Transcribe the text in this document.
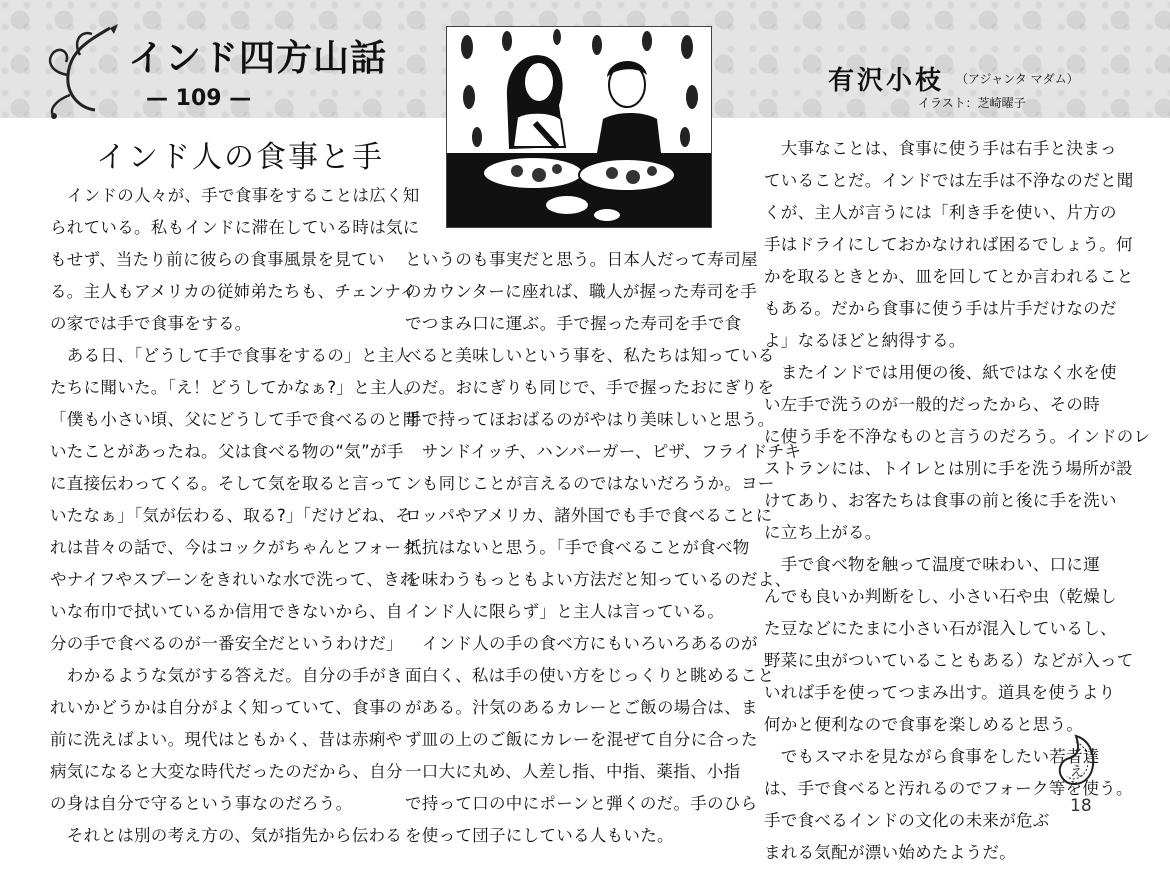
インド四方山話
— 109 —
有沢小枝 （アジャンタ マダム）
イラスト：芝崎曜子
インド人の食事と手

　インドの人々が、手で食事をすることは広く知

られている。私もインドに滞在している時は気に

もせず、当たり前に彼らの食事風景を見てい

る。主人もアメリカの従姉弟たちも、チェンナイ

の家では手で食事をする。

　ある日、「どうして手で食事をするの」と主人

たちに聞いた。「え！どうしてかなぁ?」と主人。

「僕も小さい頃、父にどうして手で食べるのと聞

いたことがあったね。父は食べる物の“気”が手

に直接伝わってくる。そして気を取ると言って

いたなぁ」「気が伝わる、取る?」「だけどね、そ

れは昔々の話で、今はコックがちゃんとフォーク

やナイフやスプーンをきれいな水で洗って、きれ

いな布巾で拭いているか信用できないから、自

分の手で食べるのが一番安全だというわけだ」

　わかるような気がする答えだ。自分の手がき

れいかどうかは自分がよく知っていて、食事の

前に洗えばよい。現代はともかく、昔は赤痢や

病気になると大変な時代だったのだから、自分

の身は自分で守るという事なのだろう。

　それとは別の考え方の、気が指先から伝わる

というのも事実だと思う。日本人だって寿司屋

のカウンターに座れば、職人が握った寿司を手

でつまみ口に運ぶ。手で握った寿司を手で食

べると美味しいという事を、私たちは知っている

のだ。おにぎりも同じで、手で握ったおにぎりを

手で持ってほおばるのがやはり美味しいと思う。

　サンドイッチ、ハンバーガー、ピザ、フライドチキ

ンも同じことが言えるのではないだろうか。ヨー

ロッパやアメリカ、諸外国でも手で食べることに

抵抗はないと思う。「手で食べることが食べ物

を味わうもっともよい方法だと知っているのだよ、

インド人に限らず」と主人は言っている。

　インド人の手の食べ方にもいろいろあるのが

面白く、私は手の使い方をじっくりと眺めること

がある。汁気のあるカレーとご飯の場合は、ま

ず皿の上のご飯にカレーを混ぜて自分に合った

一口大に丸め、人差し指、中指、薬指、小指

で持って口の中にポーンと弾くのだ。手のひら

を使って団子にしている人もいた。

　大事なことは、食事に使う手は右手と決まっ

ていることだ。インドでは左手は不浄なのだと聞

くが、主人が言うには「利き手を使い、片方の

手はドライにしておかなければ困るでしょう。何

かを取るときとか、皿を回してとか言われること

もある。だから食事に使う手は片手だけなのだ

よ」なるほどと納得する。

　またインドでは用便の後、紙ではなく水を使

い左手で洗うのが一般的だったから、その時

に使う手を不浄なものと言うのだろう。インドのレ

ストランには、トイレとは別に手を洗う場所が設

けてあり、お客たちは食事の前と後に手を洗い

に立ち上がる。

　手で食べ物を触って温度で味わい、口に運

んでも良いか判断をし、小さい石や虫（乾燥し

た豆などにたまに小さい石が混入しているし、

野菜に虫がついていることもある）などが入って

いれば手を使ってつまみ出す。道具を使うより

何かと便利なので食事を楽しめると思う。

　でもスマホを見ながら食事をしたい若者達

は、手で食べると汚れるのでフォーク等を使う。

手で食べるインドの文化の未来が危ぶ

まれる気配が漂い始めたようだ。

え
18
